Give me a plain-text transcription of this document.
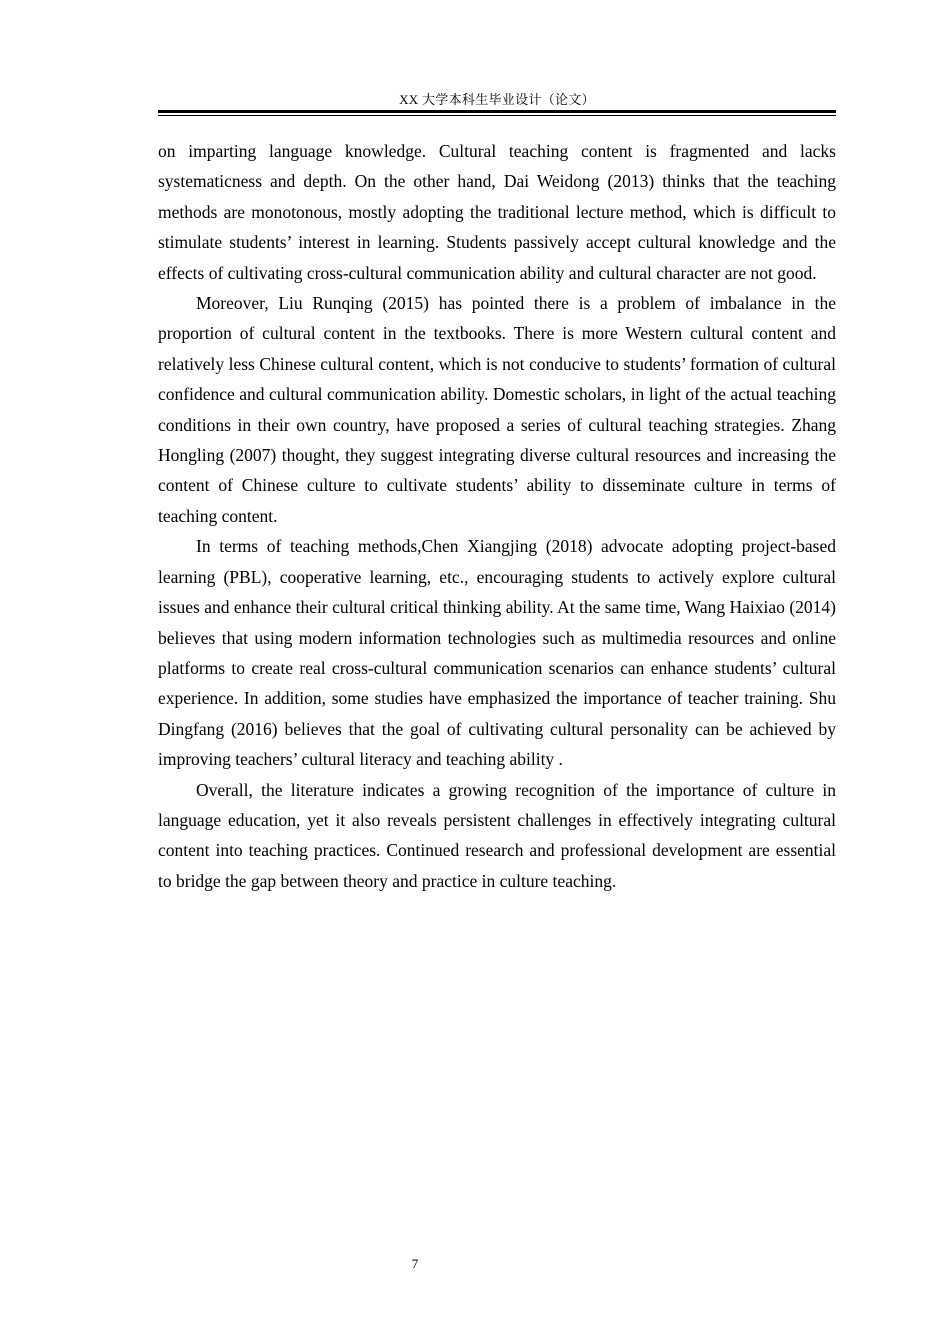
XX 大学本科生毕业设计（论文）

on imparting language knowledge. Cultural teaching content is fragmented and lacks systematicness and depth. On the other hand, Dai Weidong (2013) thinks that the teaching methods are monotonous, mostly adopting the traditional lecture method, which is difficult to stimulate students’ interest in learning. Students passively accept cultural knowledge and the effects of cultivating cross-cultural communication ability and cultural character are not good.

Moreover, Liu Runqing (2015) has pointed there is a problem of imbalance in the proportion of cultural content in the textbooks. There is more Western cultural content and relatively less Chinese cultural content, which is not conducive to students’ formation of cultural confidence and cultural communication ability. Domestic scholars, in light of the actual teaching conditions in their own country, have proposed a series of cultural teaching strategies. Zhang Hongling (2007) thought, they suggest integrating diverse cultural resources and increasing the content of Chinese culture to cultivate students’ ability to disseminate culture in terms of teaching content.

In terms of teaching methods,Chen Xiangjing (2018) advocate adopting project-based learning (PBL), cooperative learning, etc., encouraging students to actively explore cultural issues and enhance their cultural critical thinking ability. At the same time, Wang Haixiao (2014) believes that using modern information technologies such as multimedia resources and online platforms to create real cross-cultural communication scenarios can enhance students’ cultural experience. In addition, some studies have emphasized the importance of teacher training. Shu Dingfang (2016) believes that the goal of cultivating cultural personality can be achieved by improving teachers’ cultural literacy and teaching ability .

Overall, the literature indicates a growing recognition of the importance of culture in language education, yet it also reveals persistent challenges in effectively integrating cultural content into teaching practices. Continued research and professional development are essential to bridge the gap between theory and practice in culture teaching.

7
